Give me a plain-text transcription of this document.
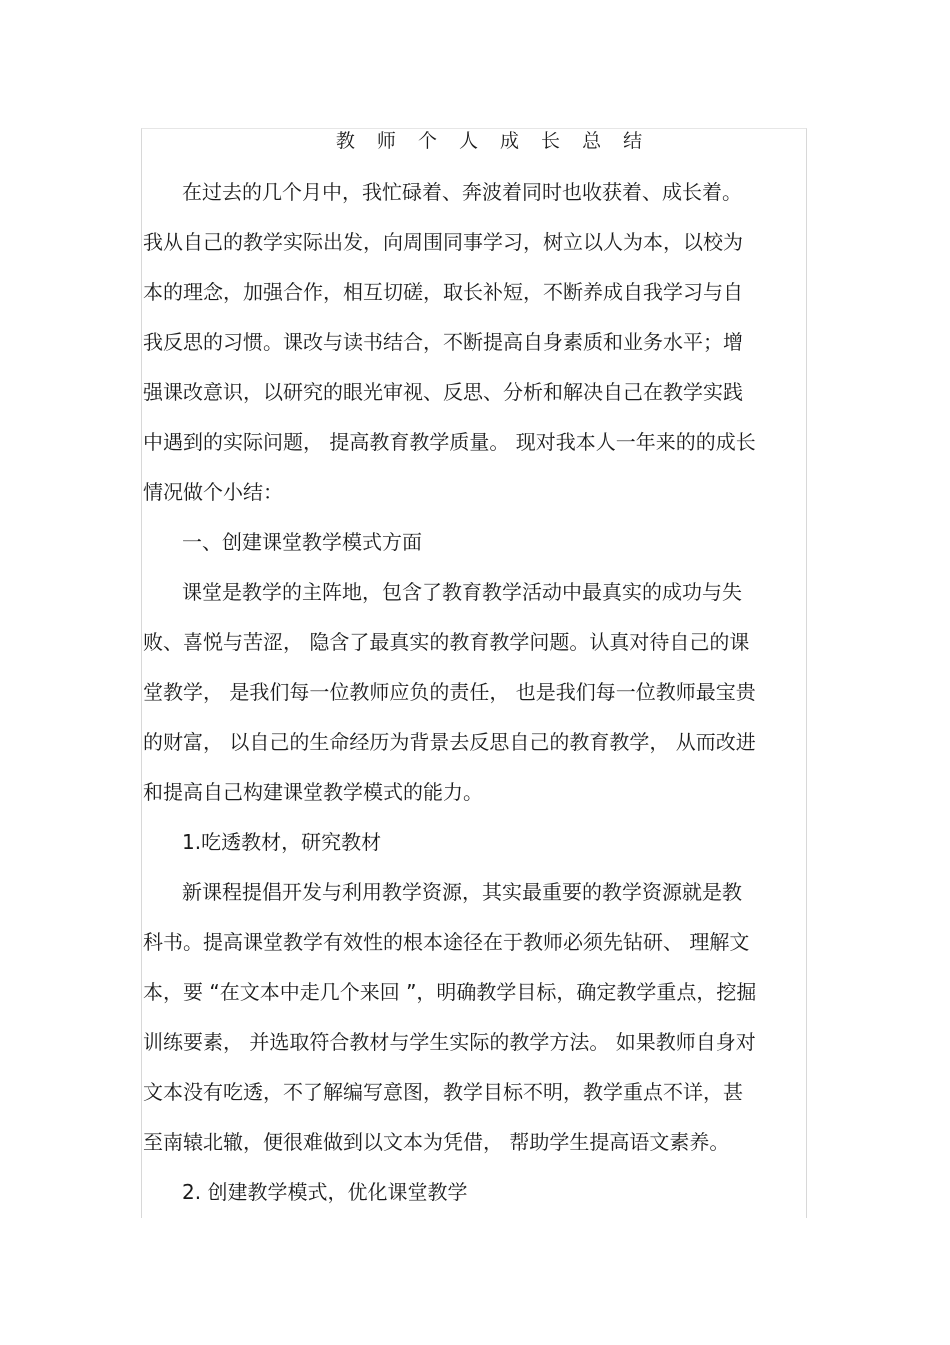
教 师 个 人 成 长 总 结
在过去的几个月中，我忙碌着、奔波着同时也收获着、成长着。
我从自己的教学实际出发，向周围同事学习，树立以人为本，以校为
本的理念，加强合作，相互切磋，取长补短，不断养成自我学习与自
我反思的习惯。课改与读书结合，不断提高自身素质和业务水平；增
强课改意识，以研究的眼光审视、反思、分析和解决自己在教学实践
中遇到的实际问题， 提高教育教学质量。 现对我本人一年来的的成长
情况做个小结：
一、创建课堂教学模式方面
课堂是教学的主阵地，包含了教育教学活动中最真实的成功与失
败、喜悦与苦涩， 隐含了最真实的教育教学问题。认真对待自己的课
堂教学， 是我们每一位教师应负的责任， 也是我们每一位教师最宝贵
的财富， 以自己的生命经历为背景去反思自己的教育教学， 从而改进
和提高自己构建课堂教学模式的能力。
1.吃透教材，研究教材
新课程提倡开发与利用教学资源，其实最重要的教学资源就是教
科书。提高课堂教学有效性的根本途径在于教师必须先钻研、 理解文
本，要 “在文本中走几个来回 ”，明确教学目标，确定教学重点，挖掘
训练要素， 并选取符合教材与学生实际的教学方法。 如果教师自身对
文本没有吃透，不了解编写意图，教学目标不明，教学重点不详，甚
至南辕北辙，便很难做到以文本为凭借， 帮助学生提高语文素养。
2. 创建教学模式，优化课堂教学
